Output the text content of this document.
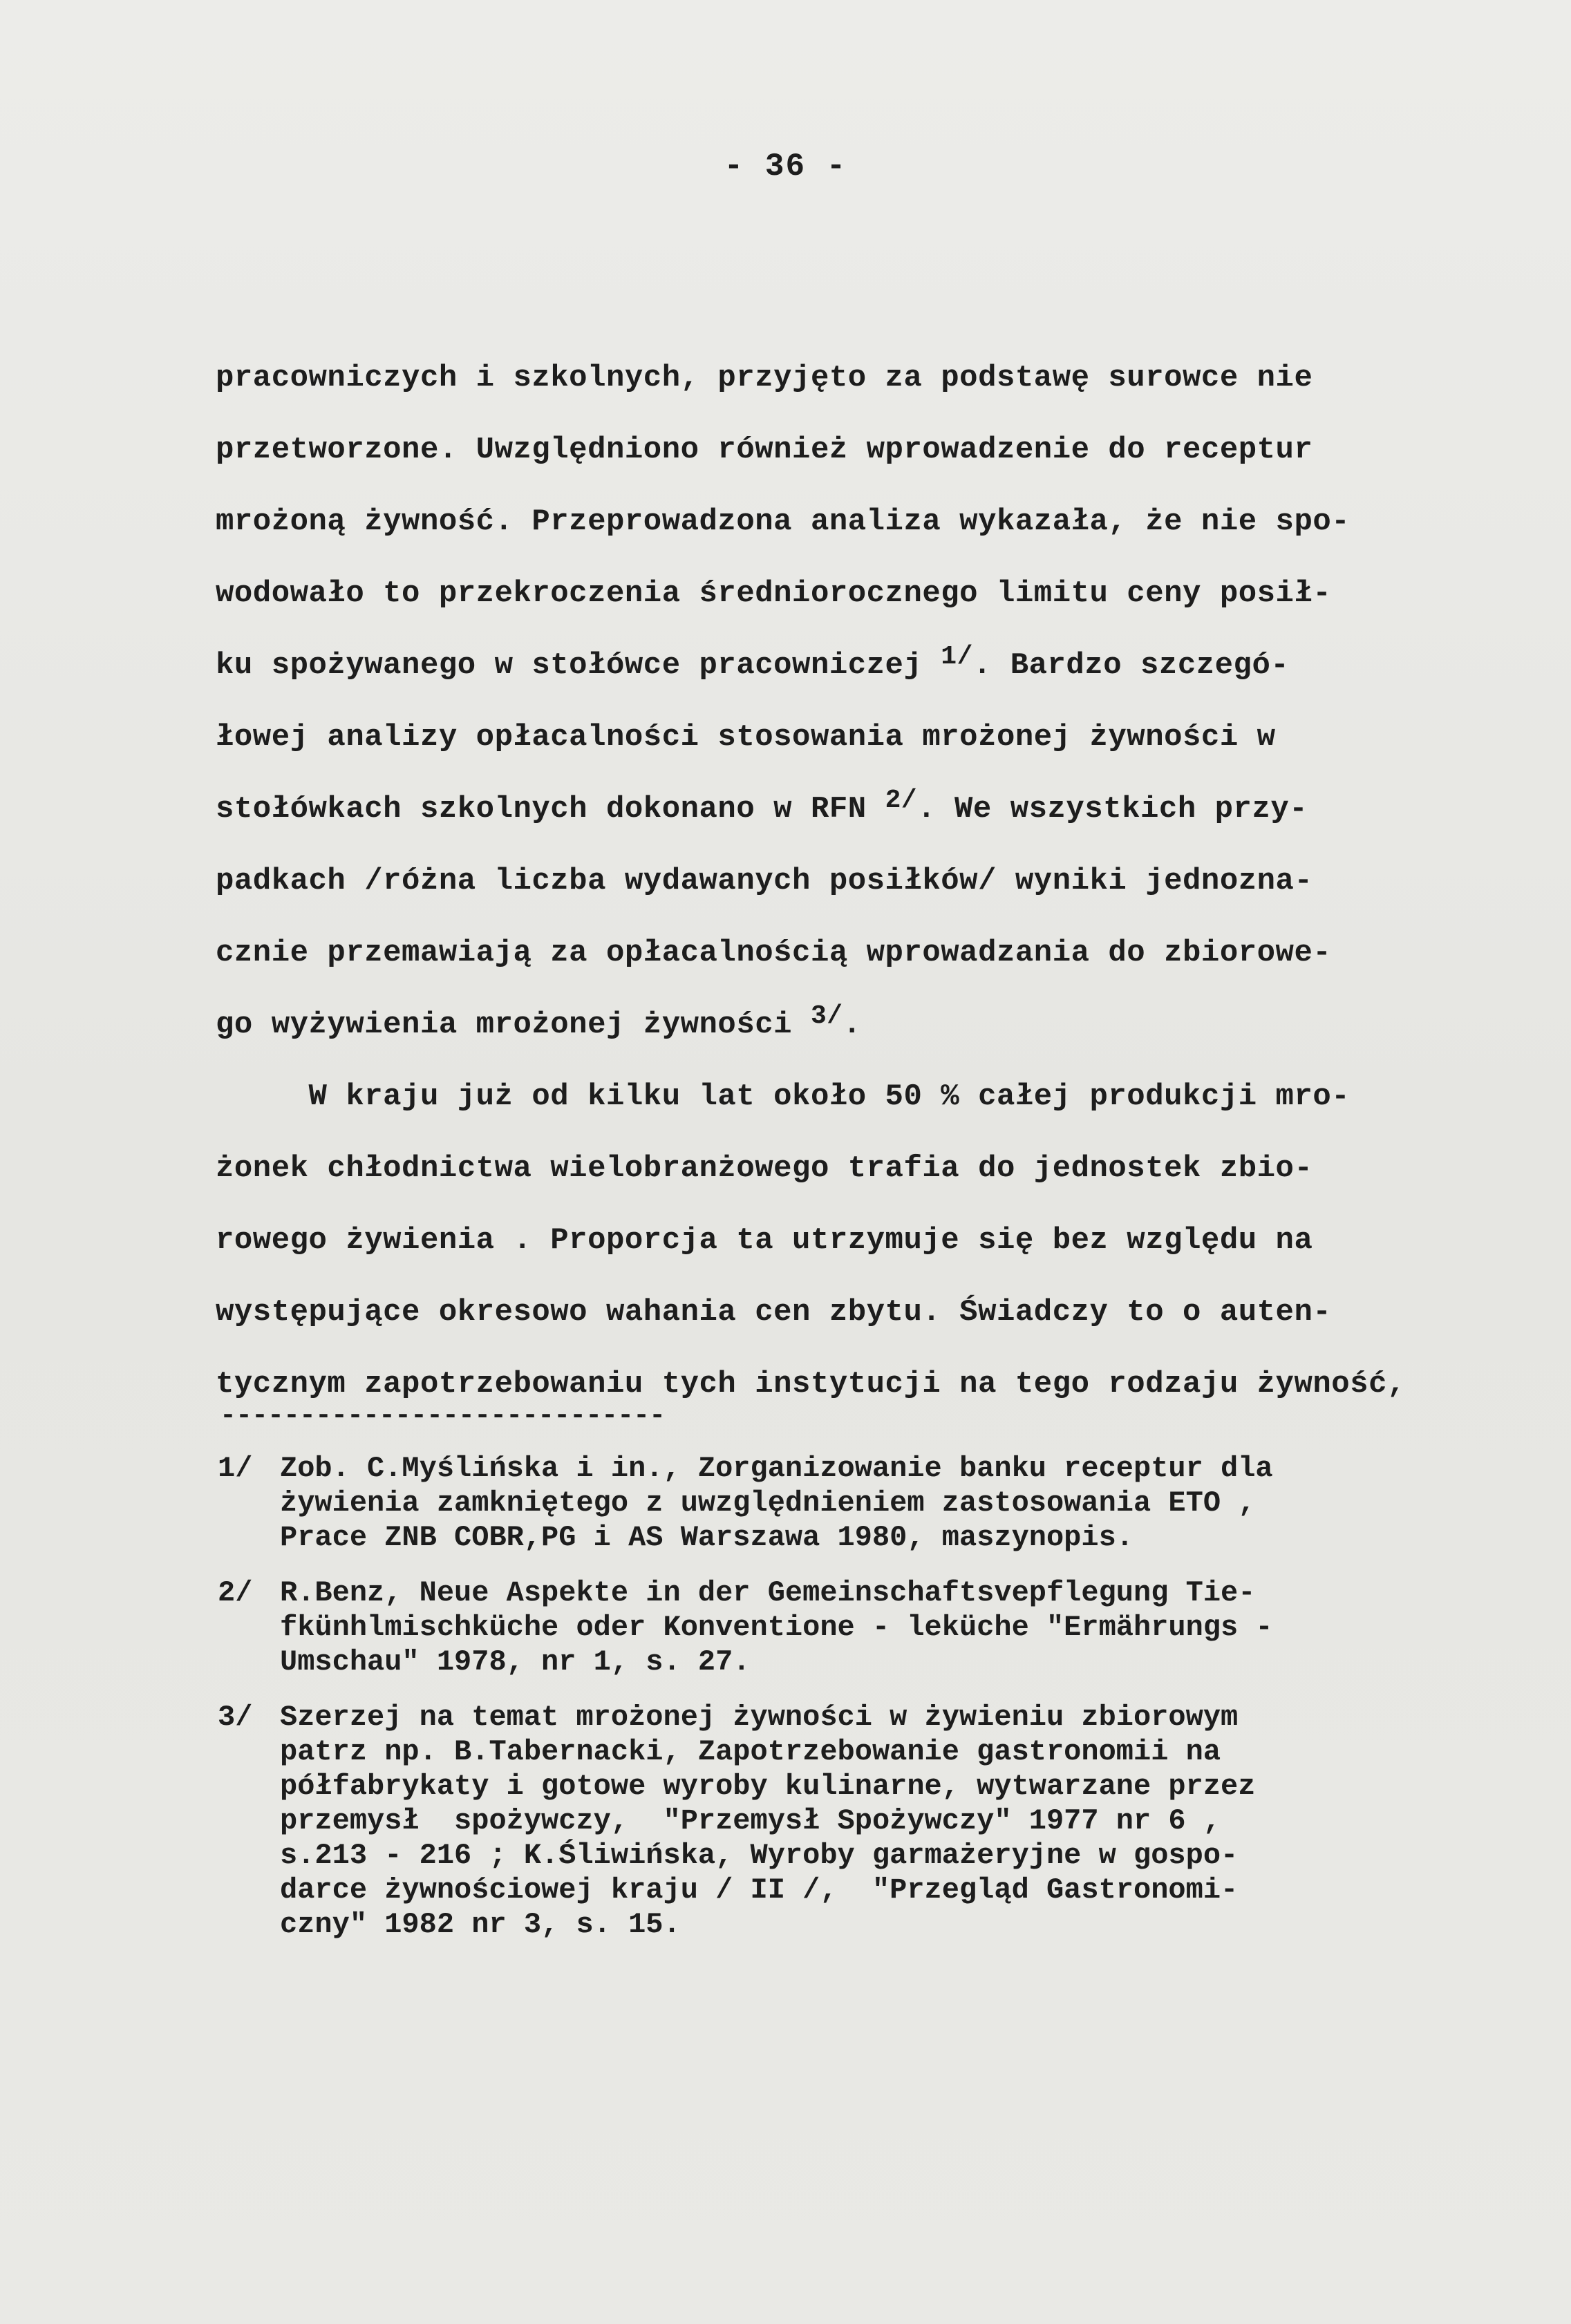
- 36 -
pracowniczych i szkolnych, przyjęto za podstawę surowce nie
przetworzone. Uwzględniono również wprowadzenie do receptur
mrożoną żywność. Przeprowadzona analiza wykazała, że nie spo-
wodowało to przekroczenia średniorocznego limitu ceny posił-
ku spożywanego w stołówce pracowniczej 1/. Bardzo szczegó-
łowej analizy opłacalności stosowania mrożonej żywności w
stołówkach szkolnych dokonano w RFN 2/. We wszystkich przy-
padkach /różna liczba wydawanych posiłków/ wyniki jednozna-
cznie przemawiają za opłacalnością wprowadzania do zbiorowe-
go wyżywienia mrożonej żywności 3/.
W kraju już od kilku lat około 50 % całej produkcji mro-
żonek chłodnictwa wielobranżowego trafia do jednostek zbio-
rowego żywienia . Proporcja ta utrzymuje się bez względu na
występujące okresowo wahania cen zbytu. Świadczy to o auten-
tycznym zapotrzebowaniu tych instytucji na tego rodzaju żywność,
----------------------------
1/ Zob. C.Myślińska i in., Zorganizowanie banku receptur dla
żywienia zamkniętego z uwzględnieniem zastosowania ETO ,
Prace ZNB COBR,PG i AS Warszawa 1980, maszynopis.
2/ R.Benz, Neue Aspekte in der Gemeinschaftsvepflegung Tie-
fkünhlmischküche oder Konventione - leküche "Ermährungs -
Umschau" 1978, nr 1, s. 27.
3/ Szerzej na temat mrożonej żywności w żywieniu zbiorowym
patrz np. B.Tabernacki, Zapotrzebowanie gastronomii na
półfabrykaty i gotowe wyroby kulinarne, wytwarzane przez
przemysł  spożywczy,  "Przemysł Spożywczy" 1977 nr 6 ,
s.213 - 216 ; K.Śliwińska, Wyroby garmażeryjne w gospo-
darce żywnościowej kraju / II /,  "Przegląd Gastronomi-
czny" 1982 nr 3, s. 15.
